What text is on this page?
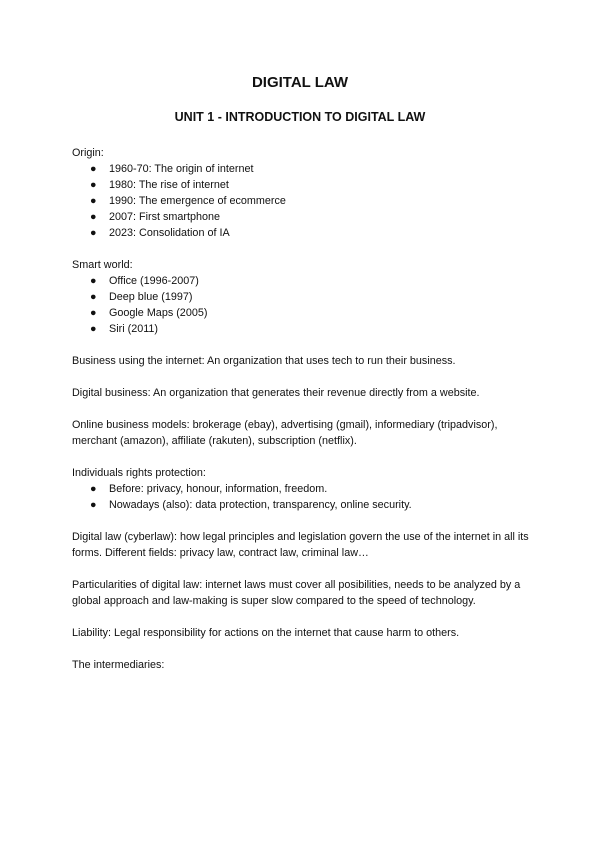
DIGITAL LAW
UNIT 1 - INTRODUCTION TO DIGITAL LAW

Origin:

● 1960-70: The origin of internet
● 1980: The rise of internet
● 1990: The emergence of ecommerce
● 2007: First smartphone
● 2023: Consolidation of IA

Smart world:

● Office (1996-2007)
● Deep blue (1997)
● Google Maps (2005)
● Siri (2011)

Business using the internet: An organization that uses tech to run their business.

Digital business: An organization that generates their revenue directly from a website.

Online business models: brokerage (ebay), advertising (gmail), informediary (tripadvisor), merchant (amazon), affiliate (rakuten), subscription (netflix).

Individuals rights protection:

● Before: privacy, honour, information, freedom.
● Nowadays (also): data protection, transparency, online security.

Digital law (cyberlaw): how legal principles and legislation govern the use of the internet in all its forms. Different fields: privacy law, contract law, criminal law…

Particularities of digital law: internet laws must cover all posibilities, needs to be analyzed by a global approach and law-making is super slow compared to the speed of technology.

Liability: Legal responsibility for actions on the internet that cause harm to others.

The intermediaries:
